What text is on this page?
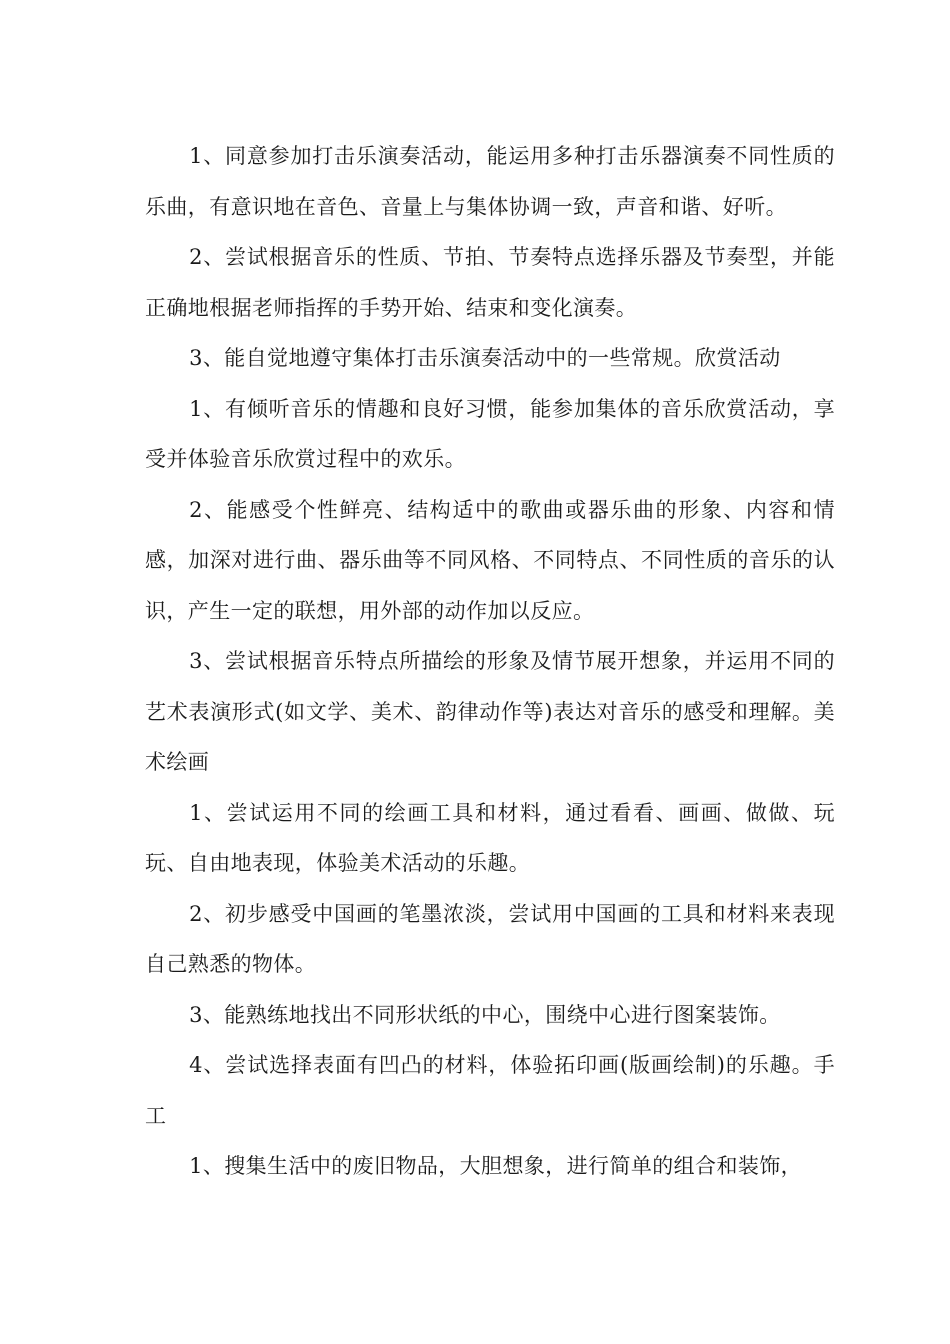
1、同意参加打击乐演奏活动，能运用多种打击乐器演奏不同性质的乐曲，有意识地在音色、音量上与集体协调一致，声音和谐、好听。

2、尝试根据音乐的性质、节拍、节奏特点选择乐器及节奏型，并能正确地根据老师指挥的手势开始、结束和变化演奏。

3、能自觉地遵守集体打击乐演奏活动中的一些常规。欣赏活动

1、有倾听音乐的情趣和良好习惯，能参加集体的音乐欣赏活动，享受并体验音乐欣赏过程中的欢乐。

2、能感受个性鲜亮、结构适中的歌曲或器乐曲的形象、内容和情感，加深对进行曲、器乐曲等不同风格、不同特点、不同性质的音乐的认识，产生一定的联想，用外部的动作加以反应。

3、尝试根据音乐特点所描绘的形象及情节展开想象，并运用不同的艺术表演形式(如文学、美术、韵律动作等)表达对音乐的感受和理解。美术绘画

1、尝试运用不同的绘画工具和材料，通过看看、画画、做做、玩玩、自由地表现，体验美术活动的乐趣。

2、初步感受中国画的笔墨浓淡，尝试用中国画的工具和材料来表现自己熟悉的物体。

3、能熟练地找出不同形状纸的中心，围绕中心进行图案装饰。

4、尝试选择表面有凹凸的材料，体验拓印画(版画绘制)的乐趣。手工

1、搜集生活中的废旧物品，大胆想象，进行简单的组合和装饰，
